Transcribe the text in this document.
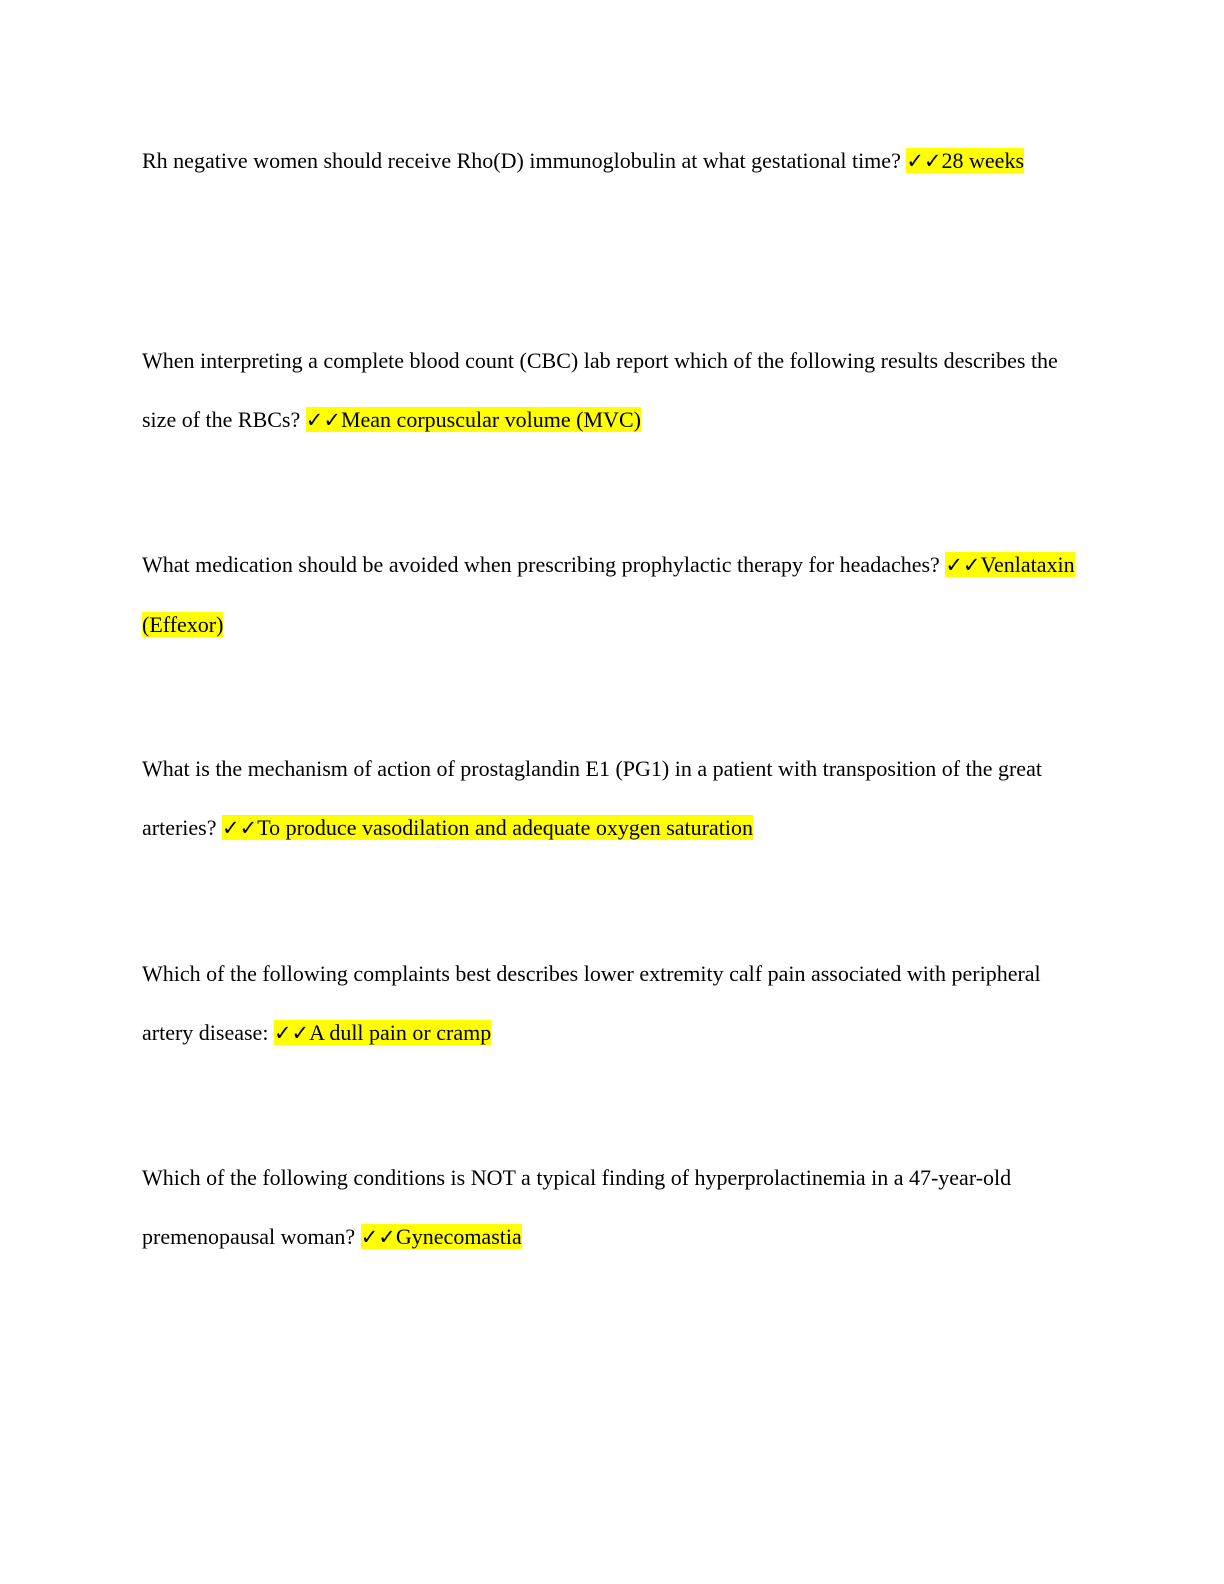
Rh negative women should receive Rho(D) immunoglobulin at what gestational time? ✓✓28 weeks
When interpreting a complete blood count (CBC) lab report which of the following results describes the size of the RBCs? ✓✓Mean corpuscular volume (MVC)
What medication should be avoided when prescribing prophylactic therapy for headaches? ✓✓Venlataxin (Effexor)
What is the mechanism of action of prostaglandin E1 (PG1) in a patient with transposition of the great arteries? ✓✓To produce vasodilation and adequate oxygen saturation
Which of the following complaints best describes lower extremity calf pain associated with peripheral artery disease: ✓✓A dull pain or cramp
Which of the following conditions is NOT a typical finding of hyperprolactinemia in a 47-year-old premenopausal woman? ✓✓Gynecomastia
